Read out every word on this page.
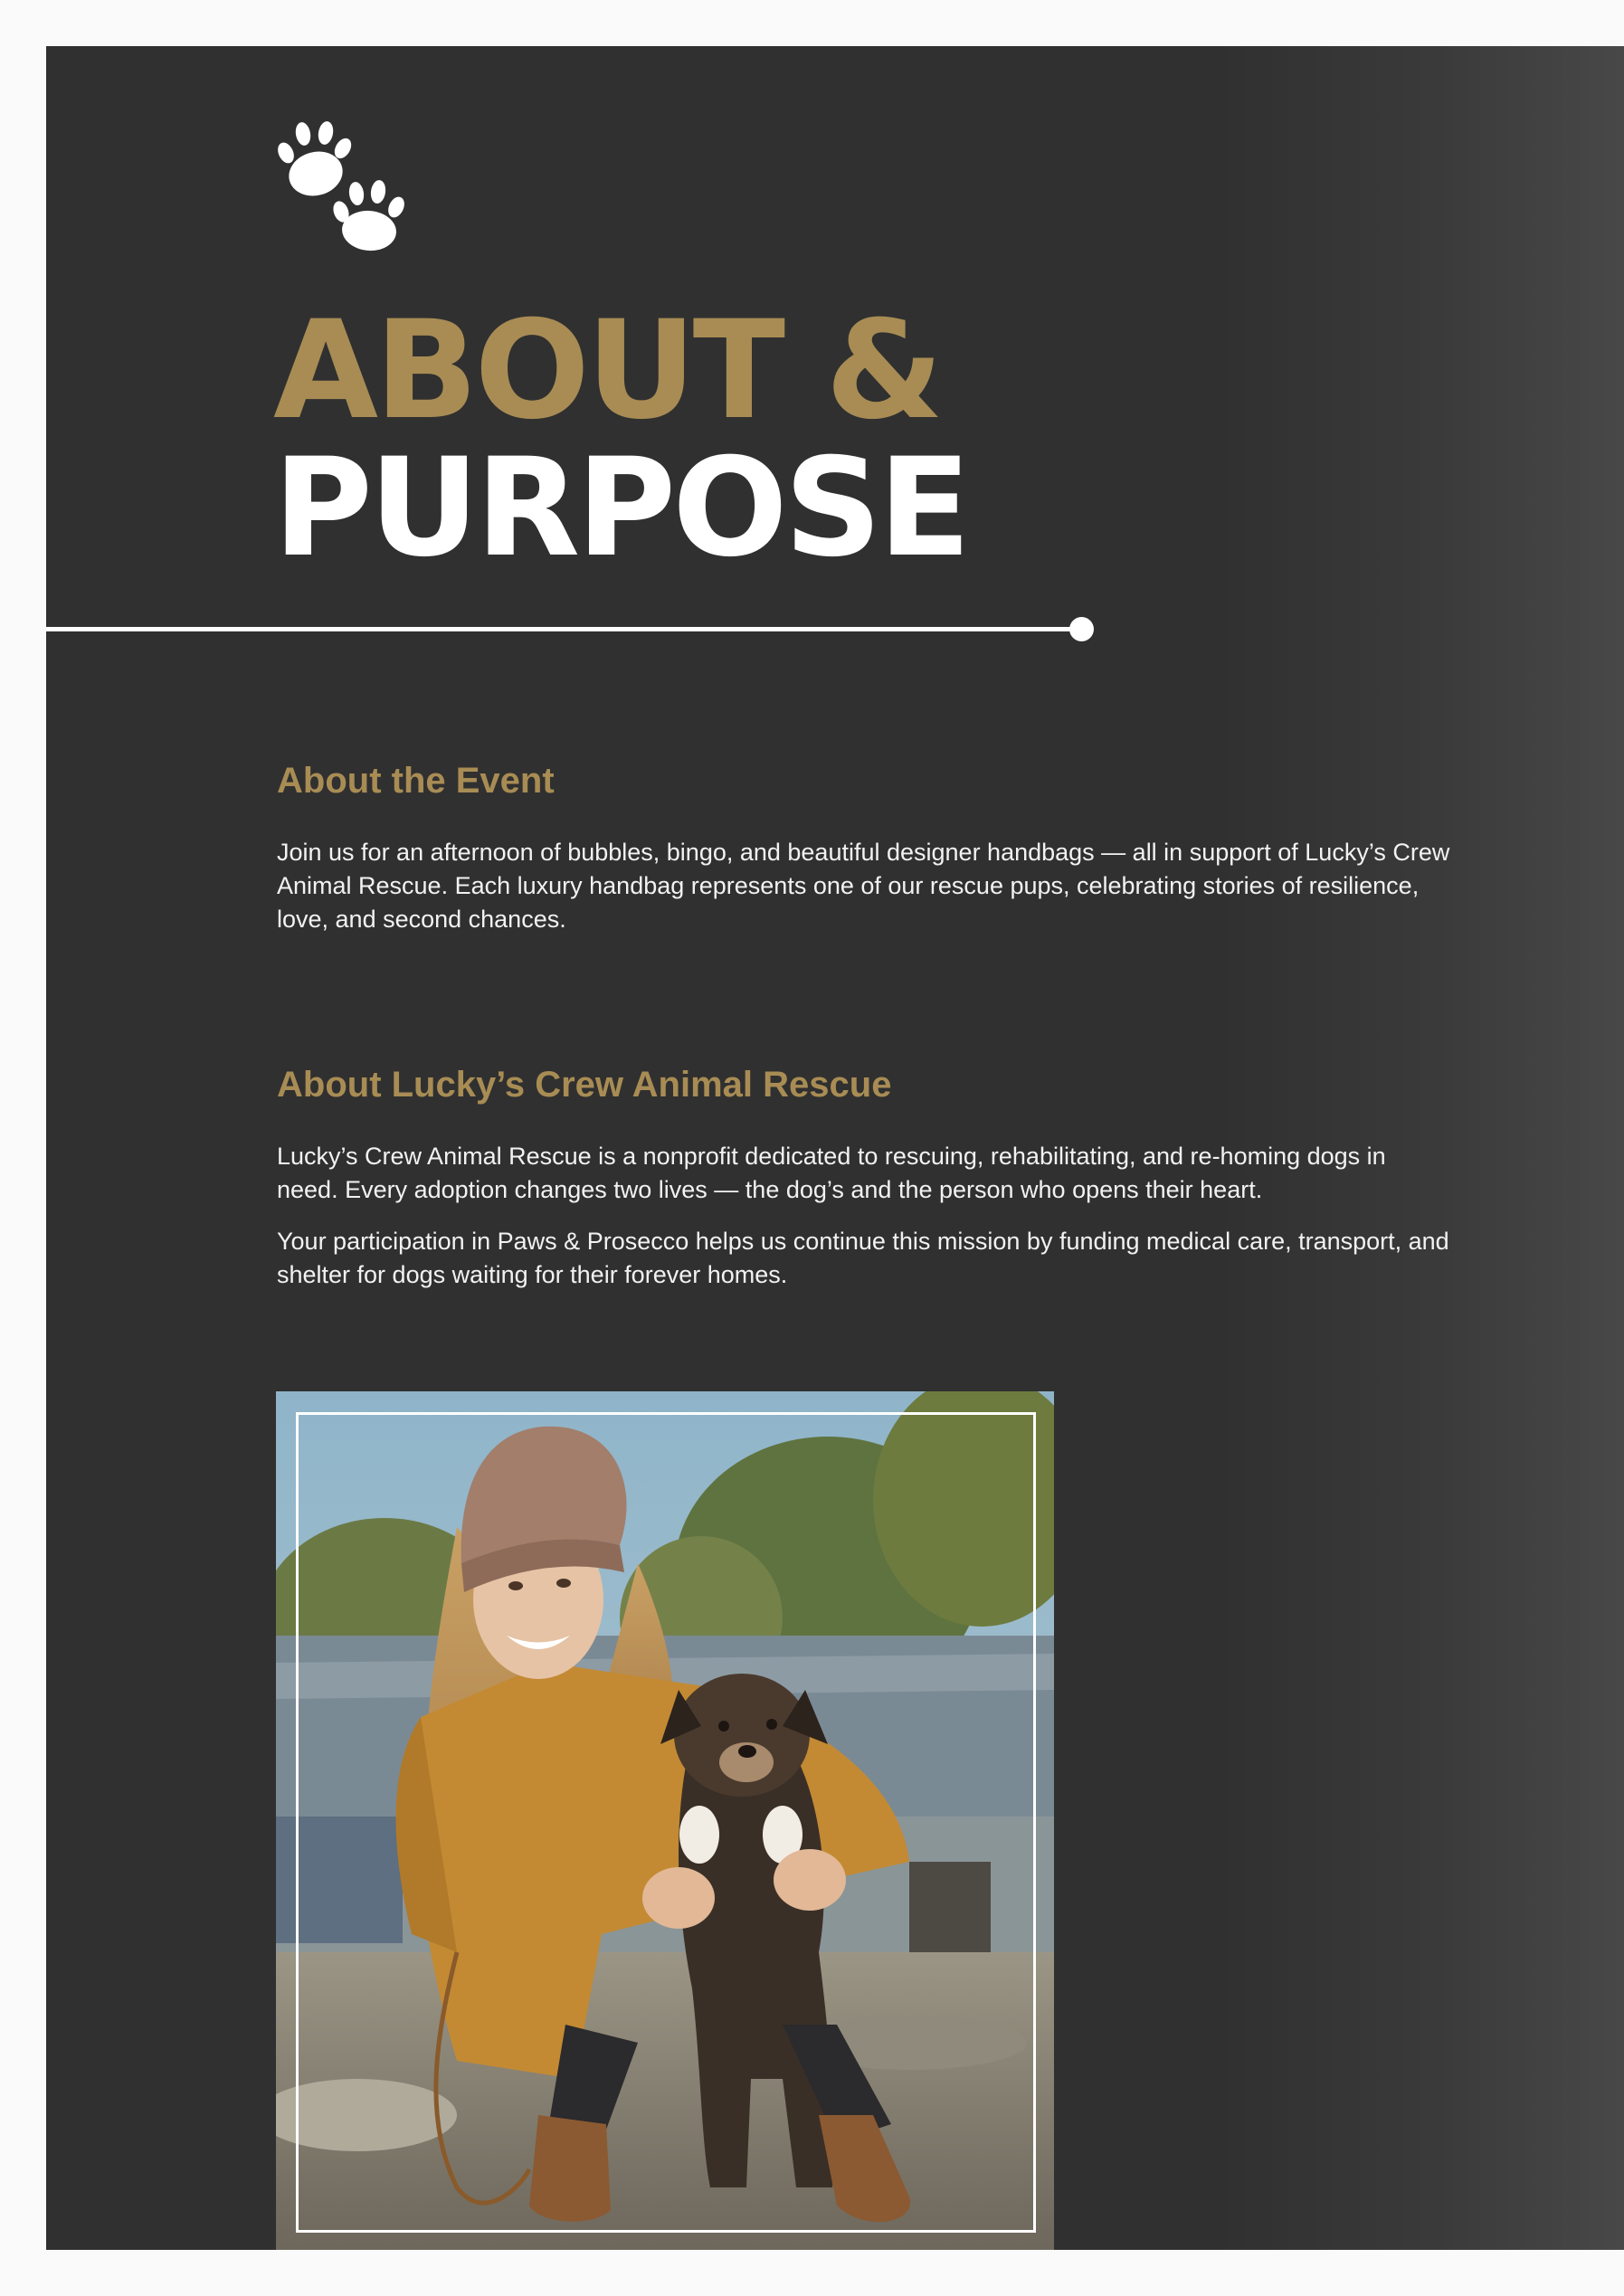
ABOUT &
PURPOSE
About the Event

Join us for an afternoon of bubbles, bingo, and beautiful designer handbags — all in support of Lucky’s Crew Animal Rescue. Each luxury handbag represents one of our rescue pups, celebrating stories of resilience, love, and second chances.

About Lucky’s Crew Animal Rescue

Lucky’s Crew Animal Rescue is a nonprofit dedicated to rescuing, rehabilitating, and re-homing dogs in need. Every adoption changes two lives — the dog’s and the person who opens their heart.

Your participation in Paws & Prosecco helps us continue this mission by funding medical care, transport, and shelter for dogs waiting for their forever homes.
